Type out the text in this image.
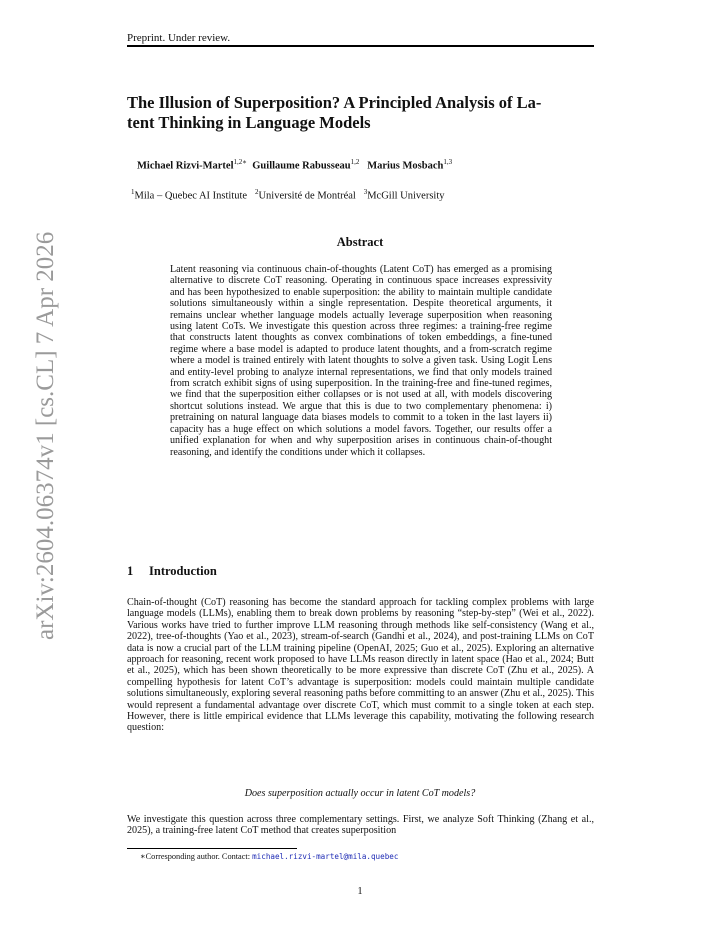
Preprint. Under review.
The Illusion of Superposition? A Principled Analysis of La-
tent Thinking in Language Models
Michael Rizvi-Martel$^{1,2∗}$ Guillaume Rabusseau$^{1,2}$ Marius Mosbach$^{1,3}$
$^1$Mila – Quebec AI Institute $^2$Université de Montréal $^3$McGill University
Abstract
Latent reasoning via continuous chain-of-thoughts (Latent CoT) has emerged as a promising alternative to discrete CoT reasoning. Operating in continuous space increases expressivity and has been hypothesized to enable superposition: the ability to maintain multiple candidate solutions simultaneously within a single representation. Despite theoretical arguments, it remains unclear whether language models actually leverage superposition when reasoning using latent CoTs. We investigate this question across three regimes: a training-free regime that constructs latent thoughts as convex combinations of token embeddings, a fine-tuned regime where a base model is adapted to produce latent thoughts, and a from-scratch regime where a model is trained entirely with latent thoughts to solve a given task. Using Logit Lens and entity-level probing to analyze internal representations, we find that only models trained from scratch exhibit signs of using superposition. In the training-free and fine-tuned regimes, we find that the superposition either collapses or is not used at all, with models discovering shortcut solutions instead. We argue that this is due to two complementary phenomena: i) pretraining on natural language data biases models to commit to a token in the last layers ii) capacity has a huge effect on which solutions a model favors. Together, our results offer a unified explanation for when and why superposition arises in continuous chain-of-thought reasoning, and identify the conditions under which it collapses.
1 Introduction
Chain-of-thought (CoT) reasoning has become the standard approach for tackling complex problems with large language models (LLMs), enabling them to break down problems by reasoning “step-by-step” (Wei et al., 2022). Various works have tried to further improve LLM reasoning through methods like self-consistency (Wang et al., 2022), tree-of-thoughts (Yao et al., 2023), stream-of-search (Gandhi et al., 2024), and post-training LLMs on CoT data is now a crucial part of the LLM training pipeline (OpenAI, 2025; Guo et al., 2025). Exploring an alternative approach for reasoning, recent work proposed to have LLMs reason directly in latent space (Hao et al., 2024; Butt et al., 2025), which has been shown theoretically to be more expressive than discrete CoT (Zhu et al., 2025). A compelling hypothesis for latent CoT’s advantage is superposition: models could maintain multiple candidate solutions simultaneously, exploring several reasoning paths before committing to an answer (Zhu et al., 2025). This would represent a fundamental advantage over discrete CoT, which must commit to a single token at each step. However, there is little empirical evidence that LLMs leverage this capability, motivating the following research question:
Does superposition actually occur in latent CoT models?
We investigate this question across three complementary settings. First, we analyze Soft Thinking (Zhang et al., 2025), a training-free latent CoT method that creates superposition
∗Corresponding author. Contact: michael.rizvi-martel@mila.quebec
1
arXiv:2604.06374v1 [cs.CL] 7 Apr 2026
